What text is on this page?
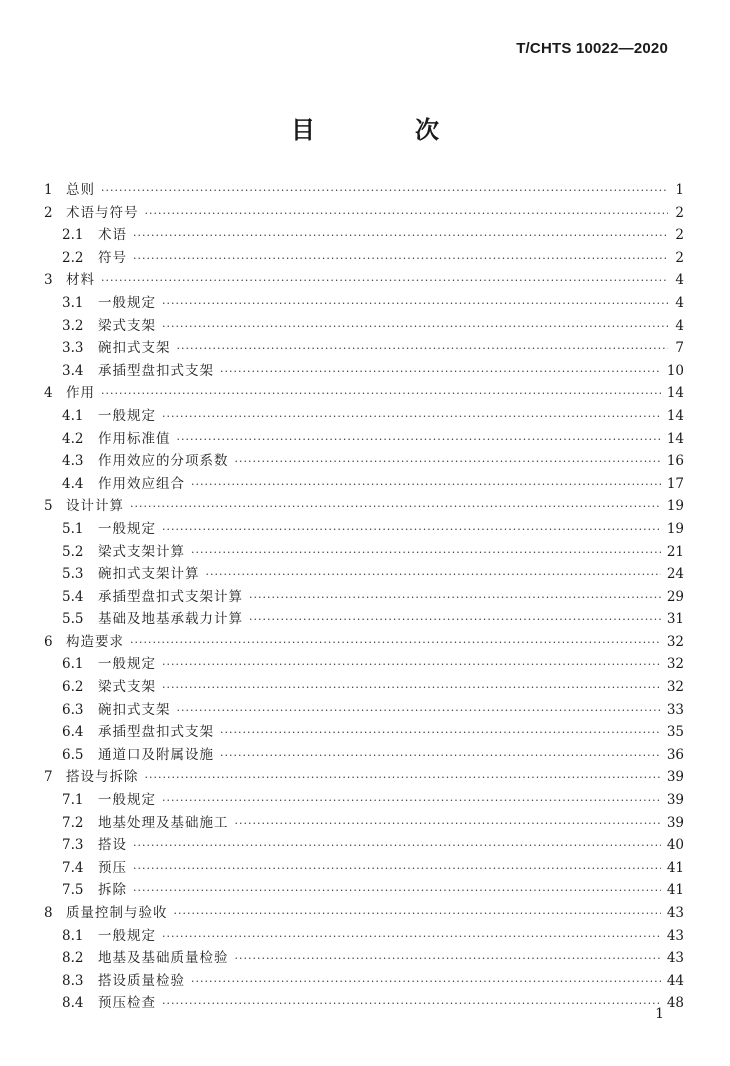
T/CHTS 10022—2020
目　次
1 总则 ·····	1
2 术语与符号 ·····	2
2.1	术语 ·····	2
2.2	符号 ·····	2
3 材料 ·····	4
3.1	一般规定 ·····	4
3.2	梁式支架 ·····	4
3.3	碗扣式支架 ·····	7
3.4	承插型盘扣式支架 ·····	10
4 作用 ·····	14
4.1	一般规定 ·····	14
4.2	作用标准值 ·····	14
4.3	作用效应的分项系数 ·····	16
4.4	作用效应组合 ·····	17
5 设计计算 ·····	19
5.1	一般规定 ·····	19
5.2	梁式支架计算 ·····	21
5.3	碗扣式支架计算 ·····	24
5.4	承插型盘扣式支架计算 ·····	29
5.5	基础及地基承载力计算 ·····	31
6 构造要求 ·····	32
6.1	一般规定 ·····	32
6.2	梁式支架 ·····	32
6.3	碗扣式支架 ·····	33
6.4	承插型盘扣式支架 ·····	35
6.5	通道口及附属设施 ·····	36
7 搭设与拆除 ·····	39
7.1	一般规定 ·····	39
7.2	地基处理及基础施工 ·····	39
7.3	搭设 ·····	40
7.4	预压 ·····	41
7.5	拆除 ·····	41
8 质量控制与验收 ·····	43
8.1	一般规定 ·····	43
8.2	地基及基础质量检验 ·····	43
8.3	搭设质量检验 ·····	44
8.4	预压检查 ·····	48
1
